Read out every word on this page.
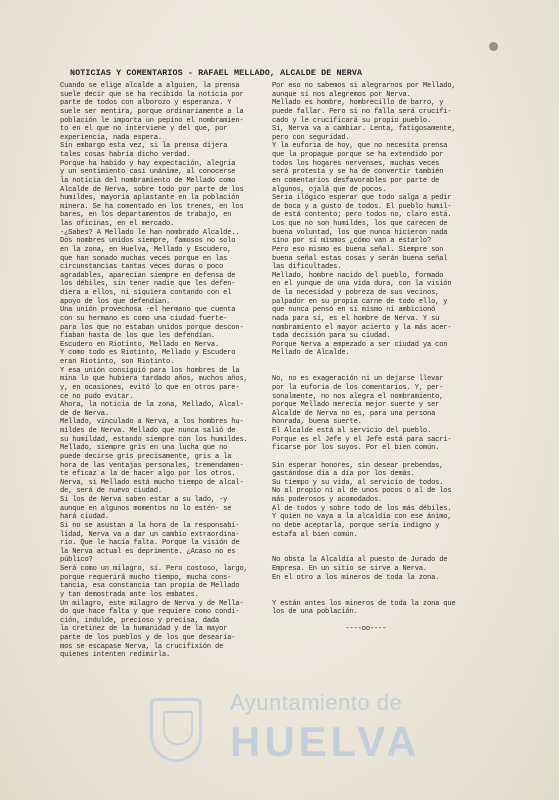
NOTICIAS Y COMENTARIOS - RAFAEL MELLADO, ALCALDE DE NERVA

Cuando se elige alcalde a alguien, la prensa

suele decir que se ha recibido la noticia por

parte de todos con alborozo y esperanza. Y

suele ser mentira, porque ordinariamente a la

población le importa un pepino el nombramien-

to en el que no interviene y del que, por

experiencia, nada espera.

Sin embargo esta vez, si la prensa dijera

tales cosas habría dicho verdad.

Porque ha habido y hay expectación, alegría

y un sentimiento casi unánime, al conocerse

la noticia del nombramiento de Mellado como

Alcalde de Nerva, sobre todo por parte de los

humildes, mayoría aplastante en la población

minera. Se ha comentado en los trenes, en los

bares, en los departamentos de trabajo, en

las oficinas, en el mercado.

-¿Sabes? A Mellado le han nombrado Alcalde..

Dos nombres unidos siempre, famosos no solo

en la zona, en Huelva, Mellado y Escudero,

que han sonado muchas veces porque en las

circunstancias tantas veces duras o poco

agradables, aparecían siempre en defensa de

los débiles, sin tener nadie que les defen-

diera a ellos, ni siquiera contando con el

apoyo de los que defendían.

Una unión provechosa -el hermano que cuenta

con su hermano es como una ciudad fuerte-

para los que no estaban unidos porque descon-

fiaban hasta de los que les defendían.

Escudero en Riotinto, Mellado en Nerva.

Y como todo es Riotinto, Mellado y Escudero

eran Riotinto, son Riotinto.

Y esa unión consiguió para los hombres de la

mina lo que hubiera tardado años, muchos años,

y, en ocasiones, evitó lo que en otros pare-

ce no pudo evitar.

Ahora, la noticia de la zona, Mellado, Alcal-

de de Nerva.

Mellado, vinculado a Nerva, a los hombres hu-

mildes de Nerva. Mellado que nunca salió de

su humildad, estando siempre con los humildes.

Mellado, siempre gris en una lucha que no

puede decirse gris precisamente, gris a la

hora de las ventajas personales, tremendamen-

te eficaz a la de hacer algo por los otros.

Nerva, si Mellado está mucho tiempo de alcal-

de, será de nuevo ciudad.

Si los de Nerva saben estar a su lado, -y

aunque en algunos momentos no lo estén- se

hará ciudad.

Si no se asustan a la hora de la responsabi-

lidad, Nerva va a dar un cambio extraordina-

rio. Que le hacía falta. Porque la visión de

la Nerva actual es deprimente. ¿Acaso no es

público?

Será como un milagro, sí. Pero costoso, largo,

porque requerirá mucho tiempo, mucha cons-

tancia, esa constancia tan propia de Mellado

y tan demostrada ante los embates.

Un milagro, este milagro de Nerva y de Mella-

do que hace falta y que requiere como condi-

ción, indulde, precioso y precisa, dada

la cretinez de la humanidad y de la mayor

parte de los pueblos y de los que desearía-

mos se escapase Nerva, la crucifixión de

quienes intenten redimirla.

Por eso no sabemos si alegrarnos por Mellado,

aunque sí nos alegremos por Nerva.

Mellado es hombre, hombrecillo de barro, y

puede fallar. Pero si no falla será crucifi-

cado y le crucificará su propio pueblo.

Sí, Nerva va a cambiar. Lenta, fatigosamente,

pero con seguridad.

Y la euforia de hoy, que no necesita prensa

que la propague porque se ha extendido por

todos los hogares nervenses, muchas veces

será protesta y se ha de convertir también

en comentarios desfavorables por parte de

algunos, ojalá que de pocos.

Sería ilógico esperar que todo salga a pedir

de boca y a gusto de todos. El pueblo humil-

de está contento; pero todos no, claro está.

Los que no son humildes, los que carecen de

buena voluntad, los que nunca hicieron nada

sino por sí mismos ¿cómo van a estarlo?

Pero eso mismo es buena señal. Siempre son

buena señal estas cosas y serán buena señal

las dificultades.

Mellado, hombre nacido del pueblo, formado

en el yunque de una vida dura, con la visión

de la necesidad y pobreza de sus vecinos,

palpador en su propia carne de todo ello, y

que nunca pensó en sí mismo ni ambicionó

nada para sí, es el hombre de Nerva. Y su

nombramiento el mayor acierto y la más acer-

tada decisión para su ciudad.

Porque Nerva a empezado a ser ciudad ya con

Mellado de Alcalde.

No, no es exageración ni un dejarse llevar

por la euforia de los comentarios. Y, per-

sonalmente, no nos alegra el nombramiento,

porque Mellado merecía mejor suerte y ser

Alcalde de Nerva no es, para una persona

honrada, buena suerte.

El Alcalde está al servicio del pueblo.

Porque es el Jefe y el Jefe está para sacri-

ficarse por los suyos. Por el bien común.

Sin esperar honores, sin desear prebendas,

gastándose día a día por los demás.

Su tiempo y su vida, al servicio de todos.

No al propio ni al de unos pocos o al de los

más poderosos y acomodados.

Al de todos y sobre todo de los más débiles.

Y quien no vaya a la alcaldía con ese ánimo,

no debe aceptarla, porque sería indigno y

estafa al bien común.

No obsta la Alcaldía al puesto de Jurado de

Empresa. En un sitio se sirve a Nerva.

En el otro a los mineros de toda la zona.

Y están antes los mineros de toda la zona que

los de una población.

----oo----

Ayuntamiento de
HUELVA
